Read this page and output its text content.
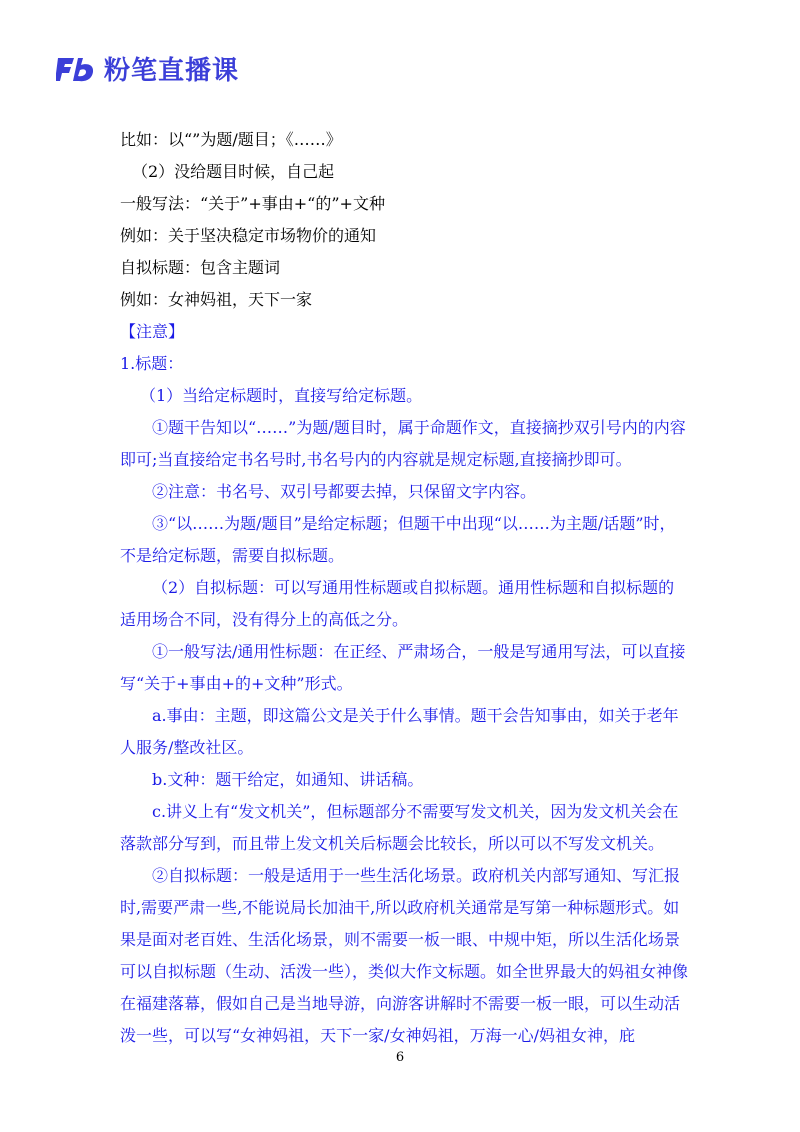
粉笔直播课

比如：以“”为题/题目；《……》

（2）没给题目时候，自己起

一般写法：“关于”+事由+“的”+文种

例如：关于坚决稳定市场物价的通知

自拟标题：包含主题词

例如：女神妈祖，天下一家

【注意】

1.标题：

（1）当给定标题时，直接写给定标题。

①题干告知以“……”为题/题目时，属于命题作文，直接摘抄双引号内的内容即可;当直接给定书名号时,书名号内的内容就是规定标题,直接摘抄即可。

②注意：书名号、双引号都要去掉，只保留文字内容。

③“以……为题/题目”是给定标题；但题干中出现“以……为主题/话题”时，不是给定标题，需要自拟标题。

（2）自拟标题：可以写通用性标题或自拟标题。通用性标题和自拟标题的适用场合不同，没有得分上的高低之分。

①一般写法/通用性标题：在正经、严肃场合，一般是写通用写法，可以直接写“关于+事由+的+文种”形式。

a.事由：主题，即这篇公文是关于什么事情。题干会告知事由，如关于老年人服务/整改社区。

b.文种：题干给定，如通知、讲话稿。

c.讲义上有“发文机关”，但标题部分不需要写发文机关，因为发文机关会在落款部分写到，而且带上发文机关后标题会比较长，所以可以不写发文机关。

②自拟标题：一般是适用于一些生活化场景。政府机关内部写通知、写汇报时,需要严肃一些,不能说局长加油干,所以政府机关通常是写第一种标题形式。如果是面对老百姓、生活化场景，则不需要一板一眼、中规中矩，所以生活化场景可以自拟标题（生动、活泼一些），类似大作文标题。如全世界最大的妈祖女神像在福建落幕，假如自己是当地导游，向游客讲解时不需要一板一眼，可以生动活泼一些，可以写“女神妈祖，天下一家/女神妈祖，万海一心/妈祖女神，庇

6
